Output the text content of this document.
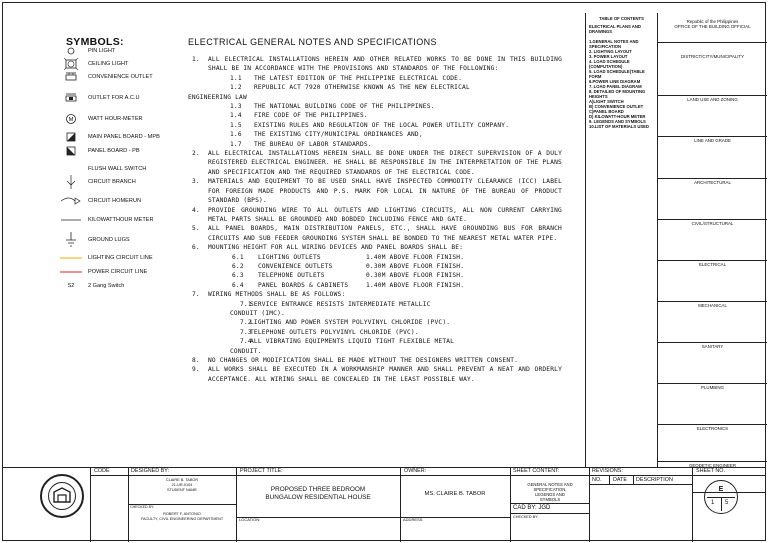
SYMBOLS:
PIN LIGHT
CEILING LIGHT
CONVENIENCE OUTLET
OUTLET FOR A.C.U
M	WATT HOUR-METER
MAIN PANEL BOARD - MPB
PANEL BOARD - PB
FLUSH WALL SWITCH
CIRCUIT BRANCH
CIRCUIT HOMERUN
KILOWATTHOUR METER
GROUND LUGS
LIGHTING CIRCUIT LINE
POWER CIRCUIT LINE
S2	2 Gang Switch
ELECTRICAL GENERAL NOTES AND SPECIFICATIONS
1.	ALL ELECTRICAL INSTALLATIONS HEREIN AND OTHER RELATED WORKS TO BE DONE IN THIS BUILDING SHALL BE IN ACCORDANCE WITH THE PROVISIONS AND STANDARDS OF THE FOLLOWING:
1.1	THE LATEST EDITION OF THE PHILIPPINE ELECTRICAL CODE.
1.2	REPUBLIC ACT 7920 OTHERWISE KNOWN AS THE NEW ELECTRICAL
ENGINEERING LAW
1.3	THE NATIONAL BUILDING CODE OF THE PHILIPPINES.
1.4	FIRE CODE OF THE PHILIPPINES.
1.5	EXISTING RULES AND REGULATION OF THE LOCAL POWER UTILITY COMPANY.
1.6	THE EXISTING CITY/MUNICIPAL ORDINANCES AND,
1.7	THE BUREAU OF LABOR STANDARDS.
2.	ALL ELECTRICAL INSTALLATIONS HEREIN SHALL BE DONE UNDER THE DIRECT SUPERVISION OF A DULY REGISTERED ELECTRICAL ENGINEER. HE SHALL BE RESPONSIBLE IN THE INTERPRETATION OF THE PLANS AND SPECIFICATION AND THE REQUIRED STANDARDS OF THE ELECTRICAL CODE.
3.	MATERIALS AND EQUIPMENT TO BE USED SHALL HAVE INSPECTED COMMODITY CLEARANCE (ICC) LABEL FOR FOREIGN MADE PRODUCTS AND P.S. MARK FOR LOCAL IN NATURE OF THE BUREAU OF PRODUCT STANDARD (BPS).
4.	PROVIDE GROUNDING WIRE TO ALL OUTLETS AND LIGHTING CIRCUITS, ALL NON CURRENT CARRYING METAL PARTS SHALL BE GROUNDED AND BOBDED INCLUDING FENCE AND GATE.
5.	ALL PANEL BOARDS, MAIN DISTRIBUTION PANELS, ETC., SHALL HAVE GROUNDING BUS FOR BRANCH CIRCUITS AND SUB FEEDER GROUNDING SYSTEM SHALL BE BONDED TO THE NEAREST METAL WATER PIPE.
6.	MOUNTING HEIGHT FOR ALL WIRING DEVICES AND PANEL BOARDS SHALL BE:
6.1	LIGHTING OUTLETS	1.40M ABOVE FLOOR FINISH.
6.2	CONVENIENCE OUTLETS	0.30M ABOVE FLOOR FINISH.
6.3	TELEPHONE OUTLETS	0.30M ABOVE FLOOR FINISH.
6.4	PANEL BOARDS & CABINETS	1.40M ABOVE FLOOR FINISH.
7.	WIRING METHODS SHALL BE AS FOLLOWS:
7.1
SERVICE ENTRANCE RESISTS INTERMEDIATE METALLIC
CONDUIT (IMC).
7.2
LIGHTING AND POWER SYSTEM POLYVINYL CHLORIDE (PVC).
7.3
TELEPHONE OUTLETS POLYVINYL CHLORIDE (PVC).
7.4
ALL VIBRATING EQUIPMENTS LIQUID TIGHT FLEXIBLE METAL
CONDUIT.
8.	NO CHANGES OR MODIFICATION SHALL BE MADE WITHOUT THE DESIGNERS WRITTEN CONSENT.
9.	ALL WORKS SHALL BE EXECUTED IN A WORKMANSHIP MANNER AND SHALL PREVENT A NEAT AND ORDERLY ACCEPTANCE. ALL WIRING SHALL BE CONCEALED IN THE LEAST POSSIBLE WAY.
TABLE OF CONTENTS
ELECTRICAL PLANS AND DRAWINGS
1.GENERAL NOTES AND SPECIFICATION
2. LIGHTING LAYOUT
3. POWER LAYOUT
4. LOAD SCHEDULE (COMPUTATION)
5. LOAD SCHEDULE(TABLE FORM
6.POWER LINE DIAGRAM
7. LOAD PANEL DIAGRAM
8. DETAILED OF MOUNTING HEIGHTS
A)LIGHT SWITCH
B) CONVENIENCE OUTLET
C)PANEL BOARD
D) KILOWATT-HOUR METER
9. LEGENDS AND SYMBOLS
10.LIST OF MATERIALS USED
Republic of the Philippines
OFFICE OF THE BUILDING OFFICIAL
DISTRICT/CITY/MUNICIPALITY
LAND USE AND ZONING
LINE AND GRADE
ARCHITECTURAL
CIVIL/STRUCTURAL
ELECTRICAL
MECHANICAL
SANITARY
PLUMBING
ELECTRONICS
GEODETIC ENGINEER
CODE	DESIGNED BY:
CLAIRE B. TABOR
21-UR-0104
STUDENT NAME
CHECKED BY:
ROBERT F. ANTONIO
FACULTY, CIVIL ENGINEERING DEPARTMENT
PROJECT TITLE:
PROPOSED THREE BEDROOM
BUNGALOW RESIDENTIAL HOUSE
LOCATION:
OWNER:
MS. CLAIRE B. TABOR
ADDRESS:
SHEET CONTENT:
GENERAL NOTES AND SPECIFICATION, LEGENDS AND SYMBOLS
CAD BY: JGD
CHECKED BY:
REVISIONS:
NO. DATE DESCRIPTION
SHEET NO.
E
1 5
